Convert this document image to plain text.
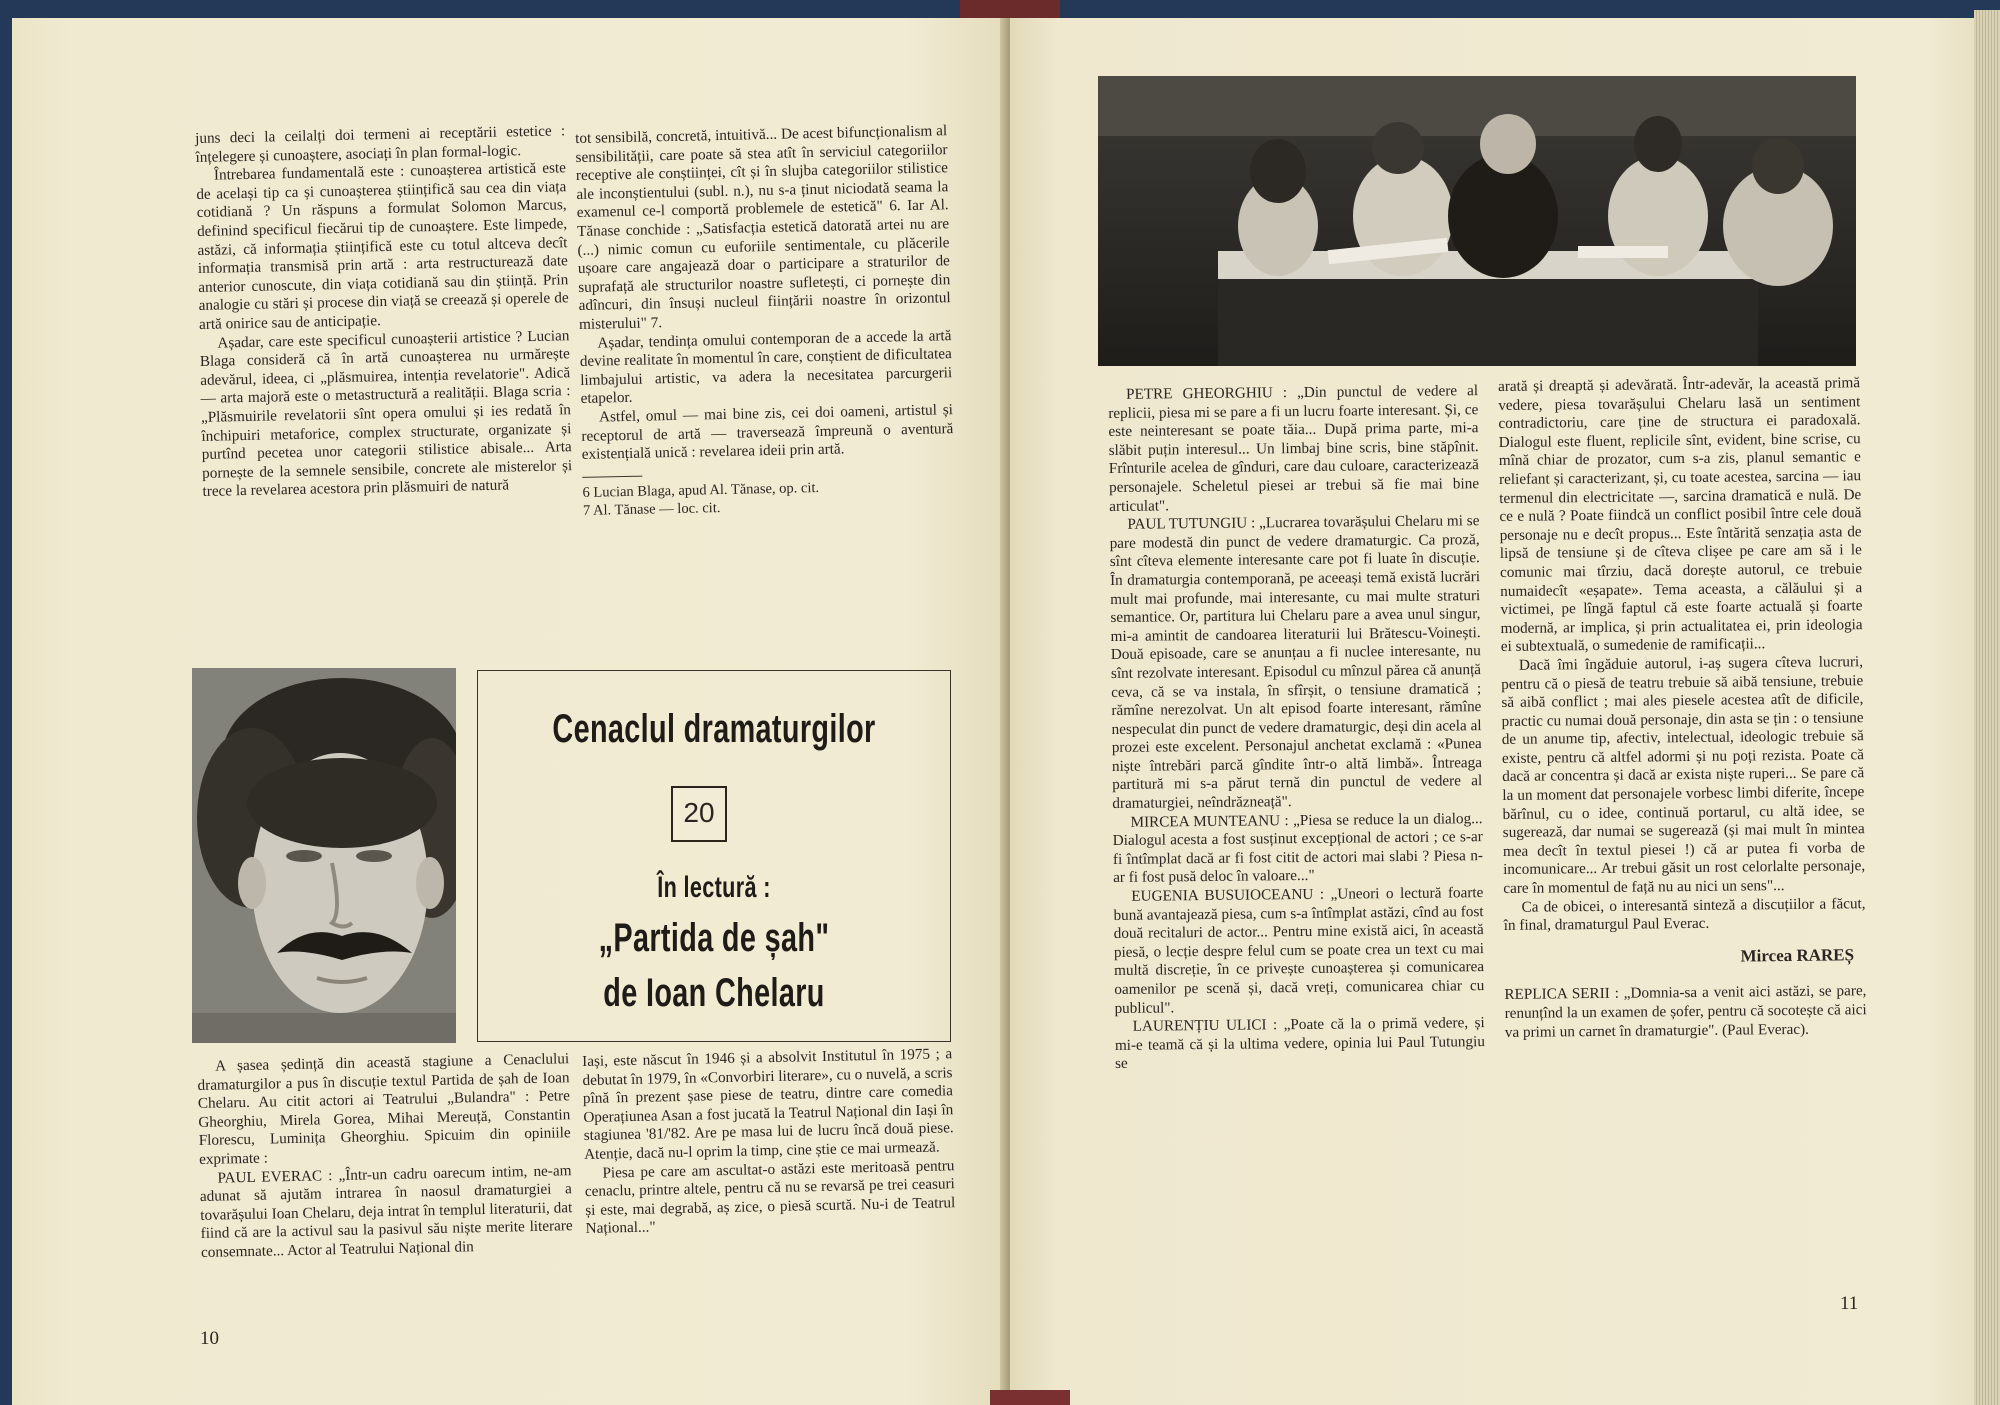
juns deci la ceilalți doi termeni ai receptării estetice : înțelegere și cunoaștere, asociați în plan formal-logic.

Întrebarea fundamentală este : cunoașterea artistică este de același tip ca și cunoașterea științifică sau cea din viața cotidiană ? Un răspuns a formulat Solomon Marcus, definind specificul fiecărui tip de cunoaștere. Este limpede, astăzi, că informația științifică este cu totul altceva decît informația transmisă prin artă : arta restructurează date anterior cunoscute, din viața cotidiană sau din știință. Prin analogie cu stări și procese din viață se creează și operele de artă onirice sau de anticipație.

Așadar, care este specificul cunoașterii artistice ? Lucian Blaga consideră că în artă cunoașterea nu urmărește adevărul, ideea, ci „plăsmuirea, intenția revelatorie". Adică — arta majoră este o metastructură a realității. Blaga scria : „Plăsmuirile revelatorii sînt opera omului și ies redată în închipuiri metaforice, complex structurate, organizate și purtînd pecetea unor categorii stilistice abisale... Arta pornește de la semnele sensibile, concrete ale misterelor și trece la revelarea acestora prin plăsmuiri de natură

tot sensibilă, concretă, intuitivă... De acest bifuncționalism al sensibilității, care poate să stea atît în serviciul categoriilor receptive ale conștiinței, cît și în slujba categoriilor stilistice ale inconștientului (subl. n.), nu s-a ținut niciodată seama la examenul ce-l comportă problemele de estetică" 6. Iar Al. Tănase conchide : „Satisfacția estetică datorată artei nu are (...) nimic comun cu euforiile sentimentale, cu plăcerile ușoare care angajează doar o participare a straturilor de suprafață ale structurilor noastre sufletești, ci pornește din adîncuri, din însuși nucleul ființării noastre în orizontul misterului" 7.

Așadar, tendința omului contemporan de a accede la artă devine realitate în momentul în care, conștient de dificultatea limbajului artistic, va adera la necesitatea parcurgerii etapelor.

Astfel, omul — mai bine zis, cei doi oameni, artistul și receptorul de artă — traversează împreună o aventură existențială unică : revelarea ideii prin artă.

6 Lucian Blaga, apud Al. Tănase, op. cit.
7 Al. Tănase — loc. cit.
Cenaclul dramaturgilor
20
În lectură :
„Partida de șah"
de Ioan Chelaru

A șasea ședință din această stagiune a Cenaclului dramaturgilor a pus în discuție textul Partida de șah de Ioan Chelaru. Au citit actori ai Teatrului „Bulandra" : Petre Gheorghiu, Mirela Gorea, Mihai Mereuță, Constantin Florescu, Luminița Gheorghiu. Spicuim din opiniile exprimate :

PAUL EVERAC : „Într-un cadru oarecum intim, ne-am adunat să ajutăm intrarea în naosul dramaturgiei a tovarășului Ioan Chelaru, deja intrat în templul literaturii, dat fiind că are la activul sau la pasivul său niște merite literare consemnate... Actor al Teatrului Național din

Iași, este născut în 1946 și a absolvit Institutul în 1975 ; a debutat în 1979, în «Convorbiri literare», cu o nuvelă, a scris pînă în prezent șase piese de teatru, dintre care comedia Operațiunea Asan a fost jucată la Teatrul Național din Iași în stagiunea '81/'82. Are pe masa lui de lucru încă două piese. Atenție, dacă nu-l oprim la timp, cine știe ce mai urmează.

Piesa pe care am ascultat-o astăzi este meritoasă pentru cenaclu, printre altele, pentru că nu se revarsă pe trei ceasuri și este, mai degrabă, aș zice, o piesă scurtă. Nu-i de Teatrul Național..."

10

PETRE GHEORGHIU : „Din punctul de vedere al replicii, piesa mi se pare a fi un lucru foarte interesant. Și, ce este neinteresant se poate tăia... După prima parte, mi-a slăbit puțin interesul... Un limbaj bine scris, bine stăpînit. Frînturile acelea de gînduri, care dau culoare, caracterizează personajele. Scheletul piesei ar trebui să fie mai bine articulat".

PAUL TUTUNGIU : „Lucrarea tovarășului Chelaru mi se pare modestă din punct de vedere dramaturgic. Ca proză, sînt cîteva elemente interesante care pot fi luate în discuție. În dramaturgia contemporană, pe aceeași temă există lucrări mult mai profunde, mai interesante, cu mai multe straturi semantice. Or, partitura lui Chelaru pare a avea unul singur, mi-a amintit de candoarea literaturii lui Brătescu-Voinești. Două episoade, care se anunțau a fi nuclee interesante, nu sînt rezolvate interesant. Episodul cu mînzul părea că anunță ceva, că se va instala, în sfîrșit, o tensiune dramatică ; rămîne nerezolvat. Un alt episod foarte interesant, rămîne nespeculat din punct de vedere dramaturgic, deși din acela al prozei este excelent. Personajul anchetat exclamă : «Punea niște întrebări parcă gîndite într-o altă limbă». Întreaga partitură mi s-a părut ternă din punctul de vedere al dramaturgiei, neîndrăzneață".

MIRCEA MUNTEANU : „Piesa se reduce la un dialog... Dialogul acesta a fost susținut excepțional de actori ; ce s-ar fi întîmplat dacă ar fi fost citit de actori mai slabi ? Piesa n-ar fi fost pusă deloc în valoare..."

EUGENIA BUSUIOCEANU : „Uneori o lectură foarte bună avantajează piesa, cum s-a întîmplat astăzi, cînd au fost două recitaluri de actor... Pentru mine există aici, în această piesă, o lecție despre felul cum se poate crea un text cu mai multă discreție, în ce privește cunoașterea și comunicarea oamenilor pe scenă și, dacă vreți, comunicarea chiar cu publicul".

LAURENȚIU ULICI : „Poate că la o primă vedere, și mi-e teamă că și la ultima vedere, opinia lui Paul Tutungiu se

arată și dreaptă și adevărată. Într-adevăr, la această primă vedere, piesa tovarășului Chelaru lasă un sentiment contradictoriu, care ține de structura ei paradoxală. Dialogul este fluent, replicile sînt, evident, bine scrise, cu mînă chiar de prozator, cum s-a zis, planul semantic e reliefant și caracterizant, și, cu toate acestea, sarcina — iau termenul din electricitate —, sarcina dramatică e nulă. De ce e nulă ? Poate fiindcă un conflict posibil între cele două personaje nu e decît propus... Este întărită senzația asta de lipsă de tensiune și de cîteva clișee pe care am să i le comunic mai tîrziu, dacă dorește autorul, ce trebuie numaidecît «eșapate». Tema aceasta, a călăului și a victimei, pe lîngă faptul că este foarte actuală și foarte modernă, ar implica, și prin actualitatea ei, prin ideologia ei subtextuală, o sumedenie de ramificații...

Dacă îmi îngăduie autorul, i-aș sugera cîteva lucruri, pentru că o piesă de teatru trebuie să aibă tensiune, trebuie să aibă conflict ; mai ales piesele acestea atît de dificile, practic cu numai două personaje, din asta se țin : o tensiune de un anume tip, afectiv, intelectual, ideologic trebuie să existe, pentru că altfel adormi și nu poți rezista. Poate că dacă ar concentra și dacă ar exista niște ruperi... Se pare că la un moment dat personajele vorbesc limbi diferite, începe bărînul, cu o idee, continuă portarul, cu altă idee, se sugerează, dar numai se sugerează (și mai mult în mintea mea decît în textul piesei !) că ar putea fi vorba de incomunicare... Ar trebui găsit un rost celorlalte personaje, care în momentul de față nu au nici un sens"...

Ca de obicei, o interesantă sinteză a discuțiilor a făcut, în final, dramaturgul Paul Everac.

Mircea RAREȘ

REPLICA SERII : „Domnia-sa a venit aici astăzi, se pare, renunțînd la un examen de șofer, pentru că socotește că aici va primi un carnet în dramaturgie". (Paul Everac).

11
